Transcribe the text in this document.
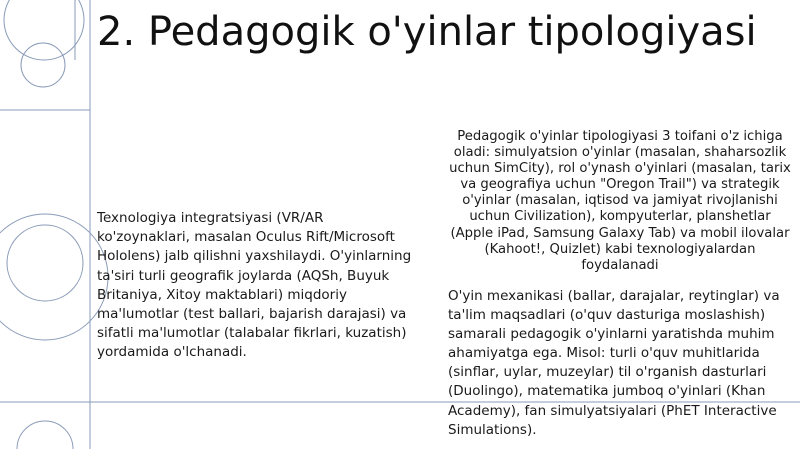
2. Pedagogik o'yinlar tipologiyasi

Texnologiya integratsiyasi (VR/AR ko'zoynaklari, masalan Oculus Rift/Microsoft Hololens) jalb qilishni yaxshilaydi. O'yinlarning ta'siri turli geografik joylarda (AQSh, Buyuk Britaniya, Xitoy maktablari) miqdoriy ma'lumotlar (test ballari, bajarish darajasi) va sifatli ma'lumotlar (talabalar fikrlari, kuzatish) yordamida o'lchanadi.

Pedagogik o'yinlar tipologiyasi 3 toifani o'z ichiga oladi: simulyatsion o'yinlar (masalan, shaharsozlik uchun SimCity), rol o'ynash o'yinlari (masalan, tarix va geografiya uchun "Oregon Trail") va strategik o'yinlar (masalan, iqtisod va jamiyat rivojlanishi uchun Civilization), kompyuterlar, planshetlar (Apple iPad, Samsung Galaxy Tab) va mobil ilovalar (Kahoot!, Quizlet) kabi texnologiyalardan foydalanadi

O'yin mexanikasi (ballar, darajalar, reytinglar) va ta'lim maqsadlari (o'quv dasturiga moslashish) samarali pedagogik o'yinlarni yaratishda muhim ahamiyatga ega. Misol: turli o'quv muhitlarida (sinflar, uylar, muzeylar) til o'rganish dasturlari (Duolingo), matematika jumboq o'yinlari (Khan Academy), fan simulyatsiyalari (PhET Interactive Simulations).
